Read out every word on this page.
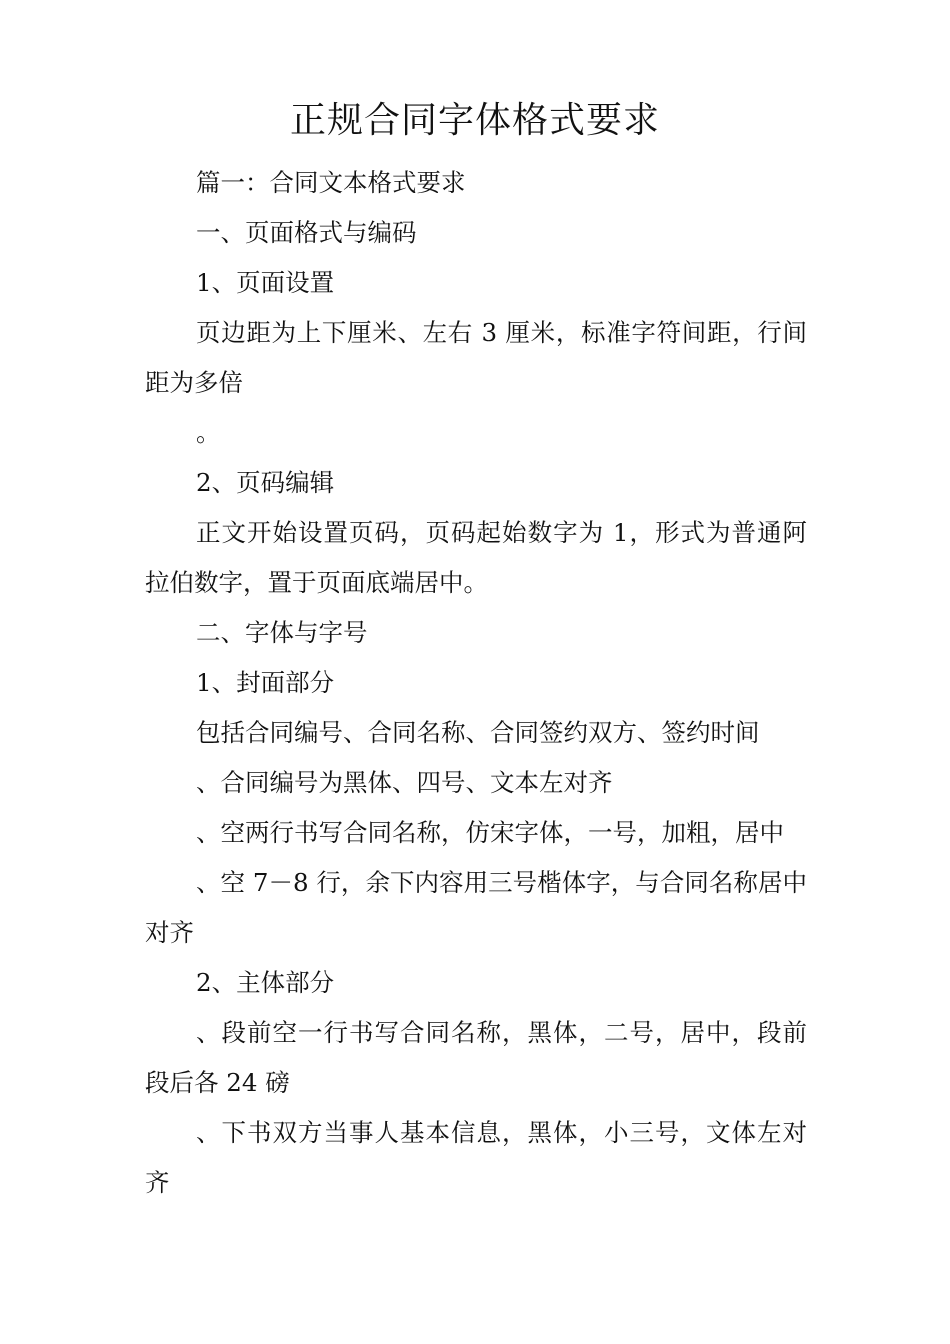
正规合同字体格式要求

篇一：合同文本格式要求

一、页面格式与编码

1、页面设置

页边距为上下厘米、左右 3 厘米，标准字符间距，行间距为多倍

。

2、页码编辑

正文开始设置页码，页码起始数字为 1，形式为普通阿拉伯数字，置于页面底端居中。

二、字体与字号

1、封面部分

包括合同编号、合同名称、合同签约双方、签约时间

、合同编号为黑体、四号、文本左对齐

、空两行书写合同名称，仿宋字体，一号，加粗，居中

、空 7－8 行，余下内容用三号楷体字，与合同名称居中对齐

2、主体部分

、段前空一行书写合同名称，黑体，二号，居中，段前段后各 24 磅

、下书双方当事人基本信息，黑体，小三号，文体左对齐
